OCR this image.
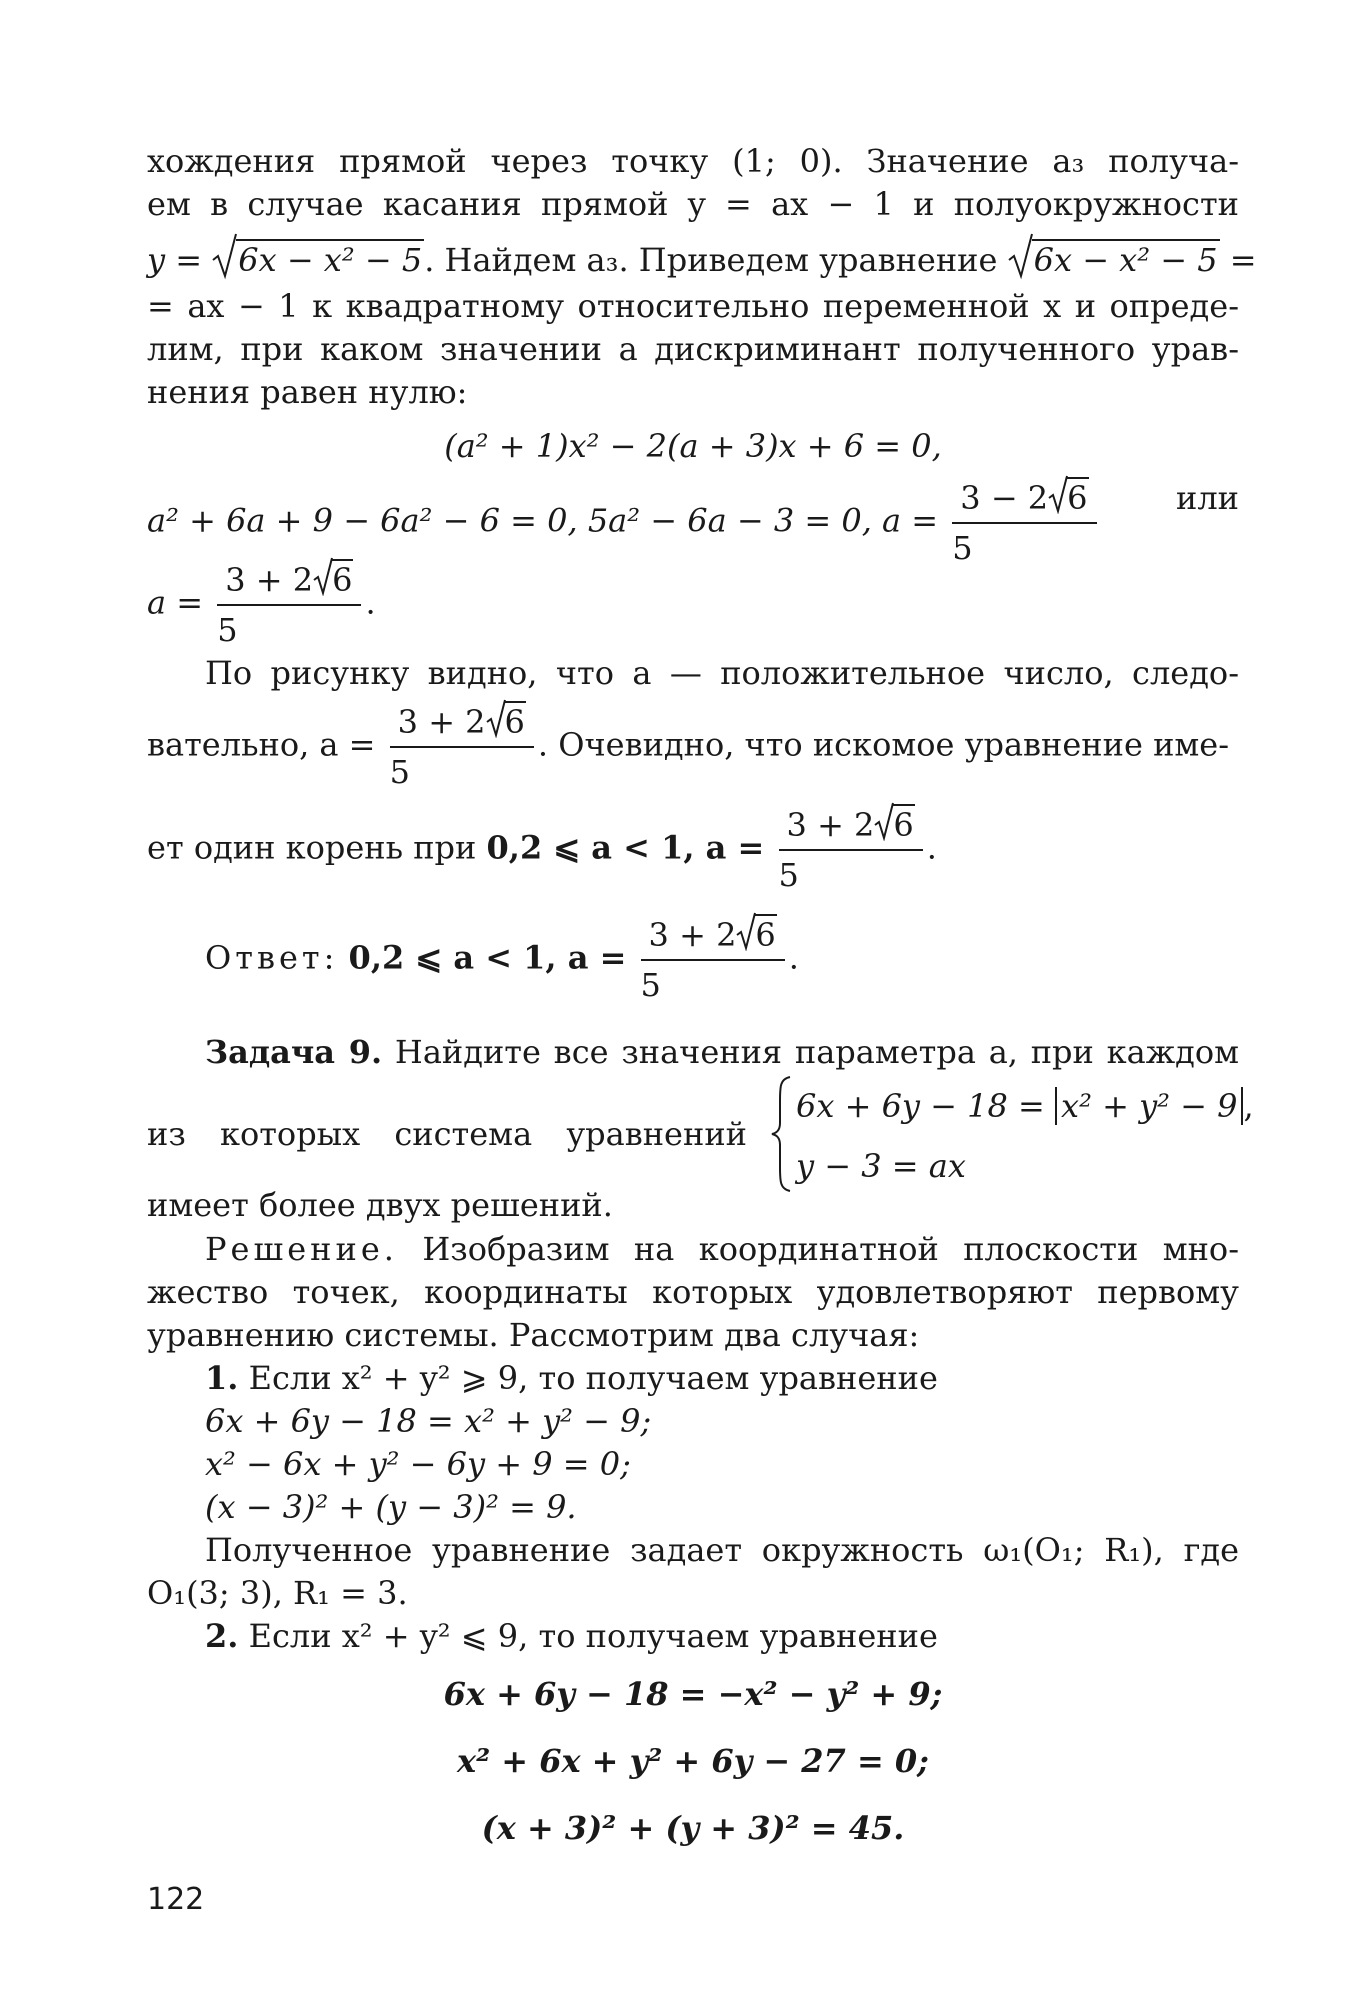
хождения прямой через точку (1; 0). Значение a₃ получа-
ем в случае касания прямой y = ax − 1 и полуокружности
y = 6x − x² − 5. Найдем a₃. Приведем уравнение 6x − x² − 5 =
= ax − 1 к квадратному относительно переменной x и опреде-
лим, при каком значении a дискриминант полученного урав-
нения равен нулю:
(a² + 1)x² − 2(a + 3)x + 6 = 0,
a² + 6a + 9 − 6a² − 6 = 0, 5a² − 6a − 3 = 0, $a = \frac{3 - 2 6}{5}$ или
$a = \frac{3 + 2 6}{5}$ .
По рисунку видно, что a — положительное число, следо-
вательно, $a = \frac{3 + 2 6}{5}$ . Очевидно, что искомое уравнение име-
ет один корень при 0,2 ⩽ a < 1, $a = \frac{3 + 2 6}{5}$ .
Ответ: 0,2 ⩽ a < 1, $a = \frac{3 + 2 6}{5}$ .
Задача 9. Найдите все значения параметра a, при каждом
из которых система уравнений
6x + 6y − 18 = x² + y² − 9 ,
y − 3 = ax
имеет более двух решений.
Решение. Изобразим на координатной плоскости мно-
жество точек, координаты которых удовлетворяют первому
уравнению системы. Рассмотрим два случая:
1. Если x² + y² ⩾ 9, то получаем уравнение
6x + 6y − 18 = x² + y² − 9;
x² − 6x + y² − 6y + 9 = 0;
(x − 3)² + (y − 3)² = 9.
Полученное уравнение задает окружность ω₁(O₁; R₁), где
O₁(3; 3), R₁ = 3.
2. Если x² + y² ⩽ 9, то получаем уравнение
6x + 6y − 18 = −x² − y² + 9;
x² + 6x + y² + 6y − 27 = 0;
(x + 3)² + (y + 3)² = 45.
122
